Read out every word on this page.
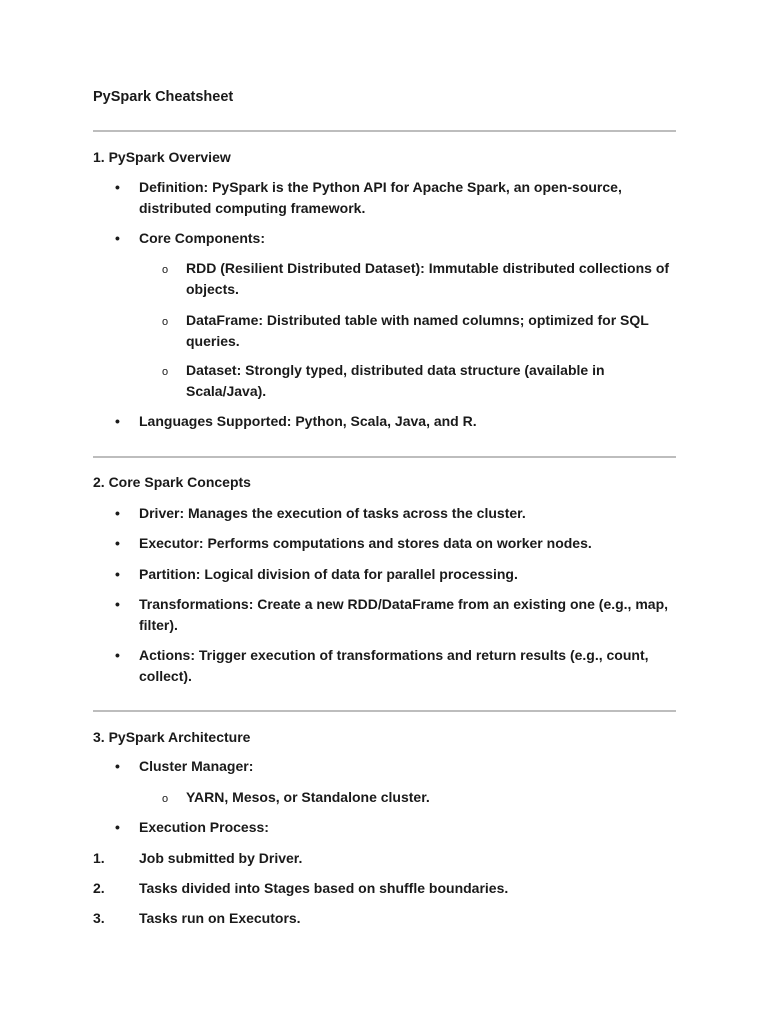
PySpark Cheatsheet

1. PySpark Overview

• Definition: PySpark is the Python API for Apache Spark, an open-source, distributed computing framework.
• Core Components:
o RDD (Resilient Distributed Dataset): Immutable distributed collections of objects.
o DataFrame: Distributed table with named columns; optimized for SQL queries.
o Dataset: Strongly typed, distributed data structure (available in Scala/Java).
• Languages Supported: Python, Scala, Java, and R.

2. Core Spark Concepts

• Driver: Manages the execution of tasks across the cluster.
• Executor: Performs computations and stores data on worker nodes.
• Partition: Logical division of data for parallel processing.
• Transformations: Create a new RDD/DataFrame from an existing one (e.g., map, filter).
• Actions: Trigger execution of transformations and return results (e.g., count, collect).

3. PySpark Architecture

• Cluster Manager:
o YARN, Mesos, or Standalone cluster.
• Execution Process:
1. Job submitted by Driver.
2. Tasks divided into Stages based on shuffle boundaries.
3. Tasks run on Executors.
